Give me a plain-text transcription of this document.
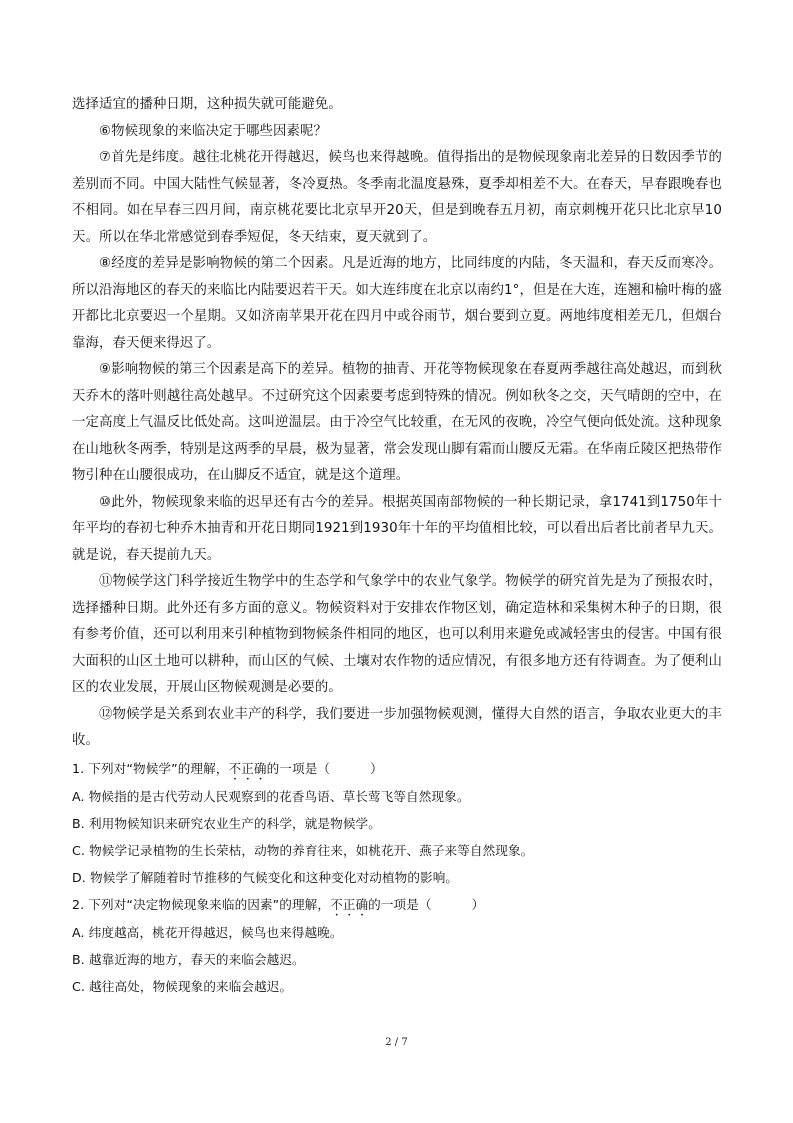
选择适宜的播种日期，这种损失就可能避免。

⑥物候现象的来临决定于哪些因素呢？

⑦首先是纬度。越往北桃花开得越迟，候鸟也来得越晚。值得指出的是物候现象南北差异的日数因季节的差别而不同。中国大陆性气候显著，冬冷夏热。冬季南北温度悬殊，夏季却相差不大。在春天，早春跟晚春也不相同。如在早春三四月间，南京桃花要比北京早开20天，但是到晚春五月初，南京刺槐开花只比北京早10天。所以在华北常感觉到春季短促，冬天结束，夏天就到了。

⑧经度的差异是影响物候的第二个因素。凡是近海的地方，比同纬度的内陆，冬天温和，春天反而寒冷。所以沿海地区的春天的来临比内陆要迟若干天。如大连纬度在北京以南约1°，但是在大连，连翘和榆叶梅的盛开都比北京要迟一个星期。又如济南苹果开花在四月中或谷雨节，烟台要到立夏。两地纬度相差无几，但烟台靠海，春天便来得迟了。

⑨影响物候的第三个因素是高下的差异。植物的抽青、开花等物候现象在春夏两季越往高处越迟，而到秋天乔木的落叶则越往高处越早。不过研究这个因素要考虑到特殊的情况。例如秋冬之交，天气晴朗的空中，在一定高度上气温反比低处高。这叫逆温层。由于冷空气比较重，在无风的夜晚，冷空气便向低处流。这种现象在山地秋冬两季，特别是这两季的早晨，极为显著，常会发现山脚有霜而山腰反无霜。在华南丘陵区把热带作物引种在山腰很成功，在山脚反不适宜，就是这个道理。

⑩此外，物候现象来临的迟早还有古今的差异。根据英国南部物候的一种长期记录，拿1741到1750年十年平均的春初七种乔木抽青和开花日期同1921到1930年十年的平均值相比较，可以看出后者比前者早九天。就是说，春天提前九天。

⑪物候学这门科学接近生物学中的生态学和气象学中的农业气象学。物候学的研究首先是为了预报农时，选择播种日期。此外还有多方面的意义。物候资料对于安排农作物区划，确定造林和采集树木种子的日期，很有参考价值，还可以利用来引种植物到物候条件相同的地区，也可以利用来避免或减轻害虫的侵害。中国有很大面积的山区土地可以耕种，而山区的气候、土壤对农作物的适应情况，有很多地方还有待调查。为了便利山区的农业发展，开展山区物候观测是必要的。

⑫物候学是关系到农业丰产的科学，我们要进一步加强物候观测，懂得大自然的语言，争取农业更大的丰收。

1. 下列对“物候学”的理解，不正确的一项是（	）

A. 物候指的是古代劳动人民观察到的花香鸟语、草长莺飞等自然现象。

B. 利用物候知识来研究农业生产的科学，就是物候学。

C. 物候学记录植物的生长荣枯，动物的养育往来，如桃花开、燕子来等自然现象。

D. 物候学了解随着时节推移的气候变化和这种变化对动植物的影响。

2. 下列对“决定物候现象来临的因素”的理解，不正确的一项是（	）

A. 纬度越高，桃花开得越迟，候鸟也来得越晚。

B. 越靠近海的地方，春天的来临会越迟。

C. 越往高处，物候现象的来临会越迟。

2 / 7
